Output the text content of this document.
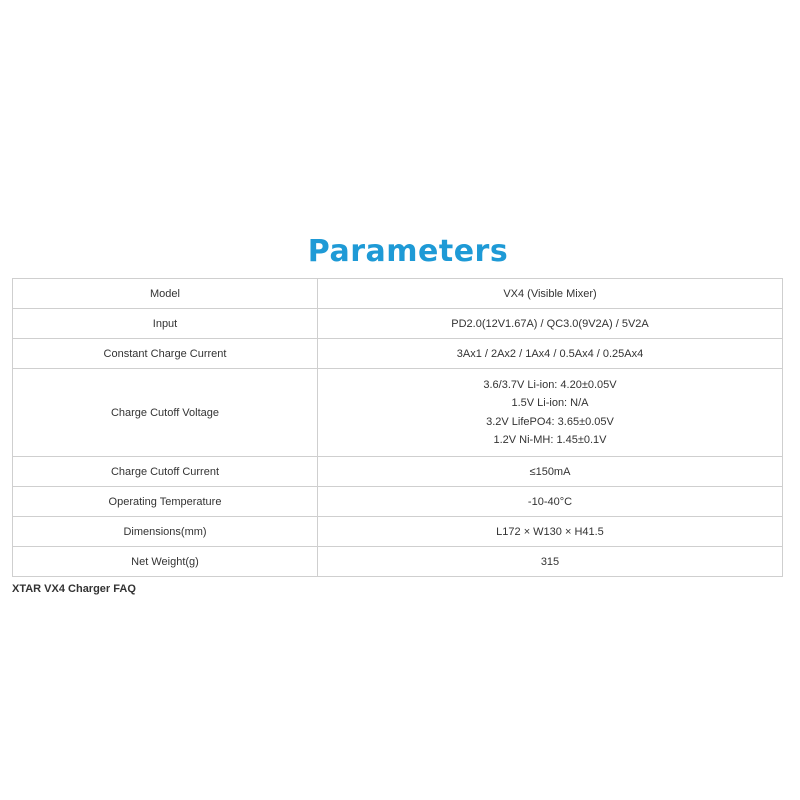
Parameters
Model	VX4 (Visible Mixer)
Input	PD2.0(12V1.67A) / QC3.0(9V2A) / 5V2A
Constant Charge Current	3Ax1 / 2Ax2 / 1Ax4 / 0.5Ax4 / 0.25Ax4
Charge Cutoff Voltage	3.6/3.7V Li-ion: 4.20±0.05V
1.5V Li-ion: N/A
3.2V LifePO4: 3.65±0.05V
1.2V Ni-MH: 1.45±0.1V

Charge Cutoff Current	≤150mA
Operating Temperature	-10-40°C
Dimensions(mm)	L172 × W130 × H41.5
Net Weight(g)	315
XTAR VX4 Charger FAQ
